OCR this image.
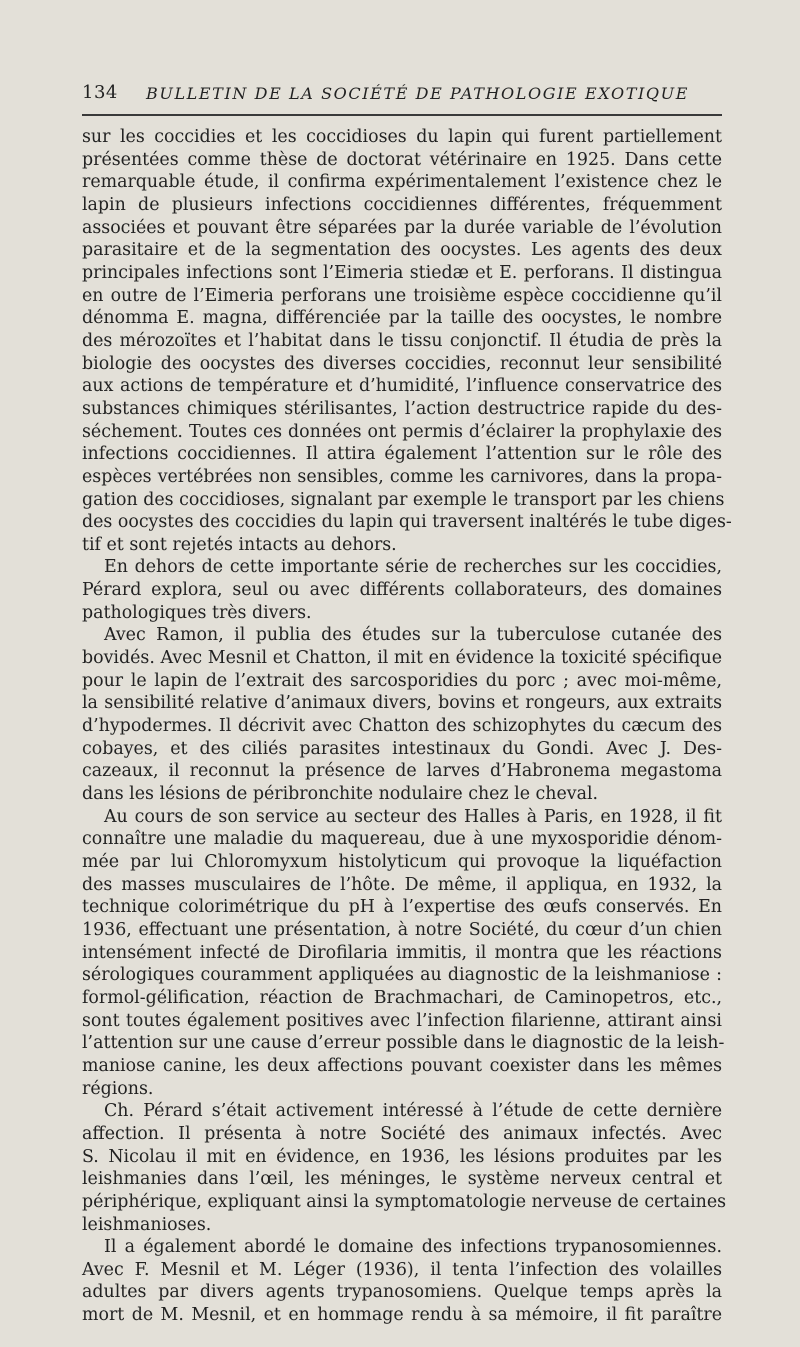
134 BULLETIN DE LA SOCIÉTÉ DE PATHOLOGIE EXOTIQUE

sur les coccidies et les coccidioses du lapin qui furent partiellement
présentées comme thèse de doctorat vétérinaire en 1925. Dans cette
remarquable étude, il confirma expérimentalement l’existence chez le
lapin de plusieurs infections coccidiennes différentes, fréquemment
associées et pouvant être séparées par la durée variable de l’évolution
parasitaire et de la segmentation des oocystes. Les agents des deux
principales infections sont l’Eimeria stiedæ et E. perforans. Il distingua
en outre de l’Eimeria perforans une troisième espèce coccidienne qu’il
dénomma E. magna, différenciée par la taille des oocystes, le nombre
des mérozoïtes et l’habitat dans le tissu conjonctif. Il étudia de près la
biologie des oocystes des diverses coccidies, reconnut leur sensibilité
aux actions de température et d’humidité, l’influence conservatrice des
substances chimiques stérilisantes, l’action destructrice rapide du des-
séchement. Toutes ces données ont permis d’éclairer la prophylaxie des
infections coccidiennes. Il attira également l’attention sur le rôle des
espèces vertébrées non sensibles, comme les carnivores, dans la propa-
gation des coccidioses, signalant par exemple le transport par les chiens
des oocystes des coccidies du lapin qui traversent inaltérés le tube diges-
tif et sont rejetés intacts au dehors.

En dehors de cette importante série de recherches sur les coccidies,
Pérard explora, seul ou avec différents collaborateurs, des domaines
pathologiques très divers.

Avec Ramon, il publia des études sur la tuberculose cutanée des
bovidés. Avec Mesnil et Chatton, il mit en évidence la toxicité spécifique
pour le lapin de l’extrait des sarcosporidies du porc ; avec moi-même,
la sensibilité relative d’animaux divers, bovins et rongeurs, aux extraits
d’hypodermes. Il décrivit avec Chatton des schizophytes du cæcum des
cobayes, et des ciliés parasites intestinaux du Gondi. Avec J. Des-
cazeaux, il reconnut la présence de larves d’Habronema megastoma
dans les lésions de péribronchite nodulaire chez le cheval.

Au cours de son service au secteur des Halles à Paris, en 1928, il fit
connaître une maladie du maquereau, due à une myxosporidie dénom-
mée par lui Chloromyxum histolyticum qui provoque la liquéfaction
des masses musculaires de l’hôte. De même, il appliqua, en 1932, la
technique colorimétrique du pH à l’expertise des œufs conservés. En
1936, effectuant une présentation, à notre Société, du cœur d’un chien
intensément infecté de Dirofilaria immitis, il montra que les réactions
sérologiques couramment appliquées au diagnostic de la leishmaniose :
formol-gélification, réaction de Brachmachari, de Caminopetros, etc.,
sont toutes également positives avec l’infection filarienne, attirant ainsi
l’attention sur une cause d’erreur possible dans le diagnostic de la leish-
maniose canine, les deux affections pouvant coexister dans les mêmes
régions.

Ch. Pérard s’était activement intéressé à l’étude de cette dernière
affection. Il présenta à notre Société des animaux infectés. Avec
S. Nicolau il mit en évidence, en 1936, les lésions produites par les
leishmanies dans l’œil, les méninges, le système nerveux central et
périphérique, expliquant ainsi la symptomatologie nerveuse de certaines
leishmanioses.

Il a également abordé le domaine des infections trypanosomiennes.
Avec F. Mesnil et M. Léger (1936), il tenta l’infection des volailles
adultes par divers agents trypanosomiens. Quelque temps après la
mort de M. Mesnil, et en hommage rendu à sa mémoire, il fit paraître
